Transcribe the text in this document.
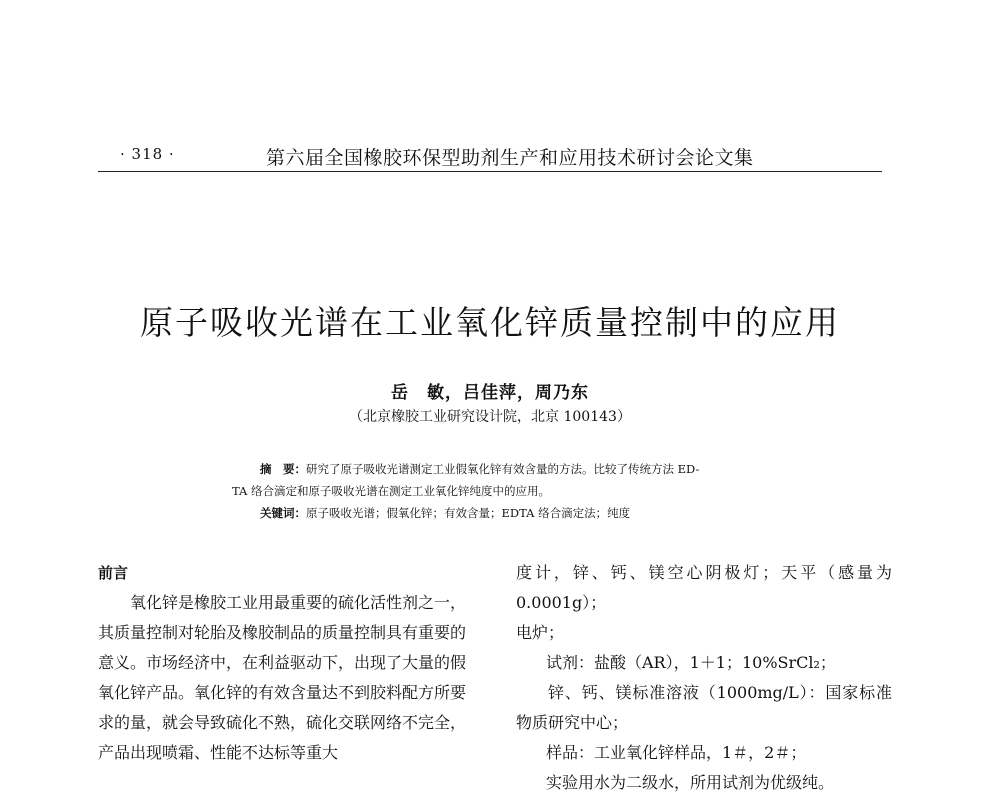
· 318 ·	第六届全国橡胶环保型助剂生产和应用技术研讨会论文集
原子吸收光谱在工业氧化锌质量控制中的应用
岳　敏，吕佳萍，周乃东
（北京橡胶工业研究设计院，北京 100143）

摘　要：研究了原子吸收光谱测定工业假氧化锌有效含量的方法。比较了传统方法 ED-

TA 络合滴定和原子吸收光谱在测定工业氧化锌纯度中的应用。

关键词：原子吸收光谱；假氧化锌；有效含量；EDTA 络合滴定法；纯度

前言

氧化锌是橡胶工业用最重要的硫化活性剂之一，其质量控制对轮胎及橡胶制品的质量控制具有重要的意义。市场经济中，在利益驱动下，出现了大量的假氧化锌产品。氧化锌的有效含量达不到胶料配方所要求的量，就会导致硫化不熟，硫化交联网络不完全，产品出现喷霜、性能不达标等重大

度计，锌、钙、镁空心阴极灯；天平（感量为0.0001g）；

电炉；

试剂：盐酸（AR），1＋1；10%SrCl₂；

锌、钙、镁标准溶液（1000mg/L）：国家标准物质研究中心；

样品：工业氧化锌样品，1＃，2＃；

实验用水为二级水，所用试剂为优级纯。
